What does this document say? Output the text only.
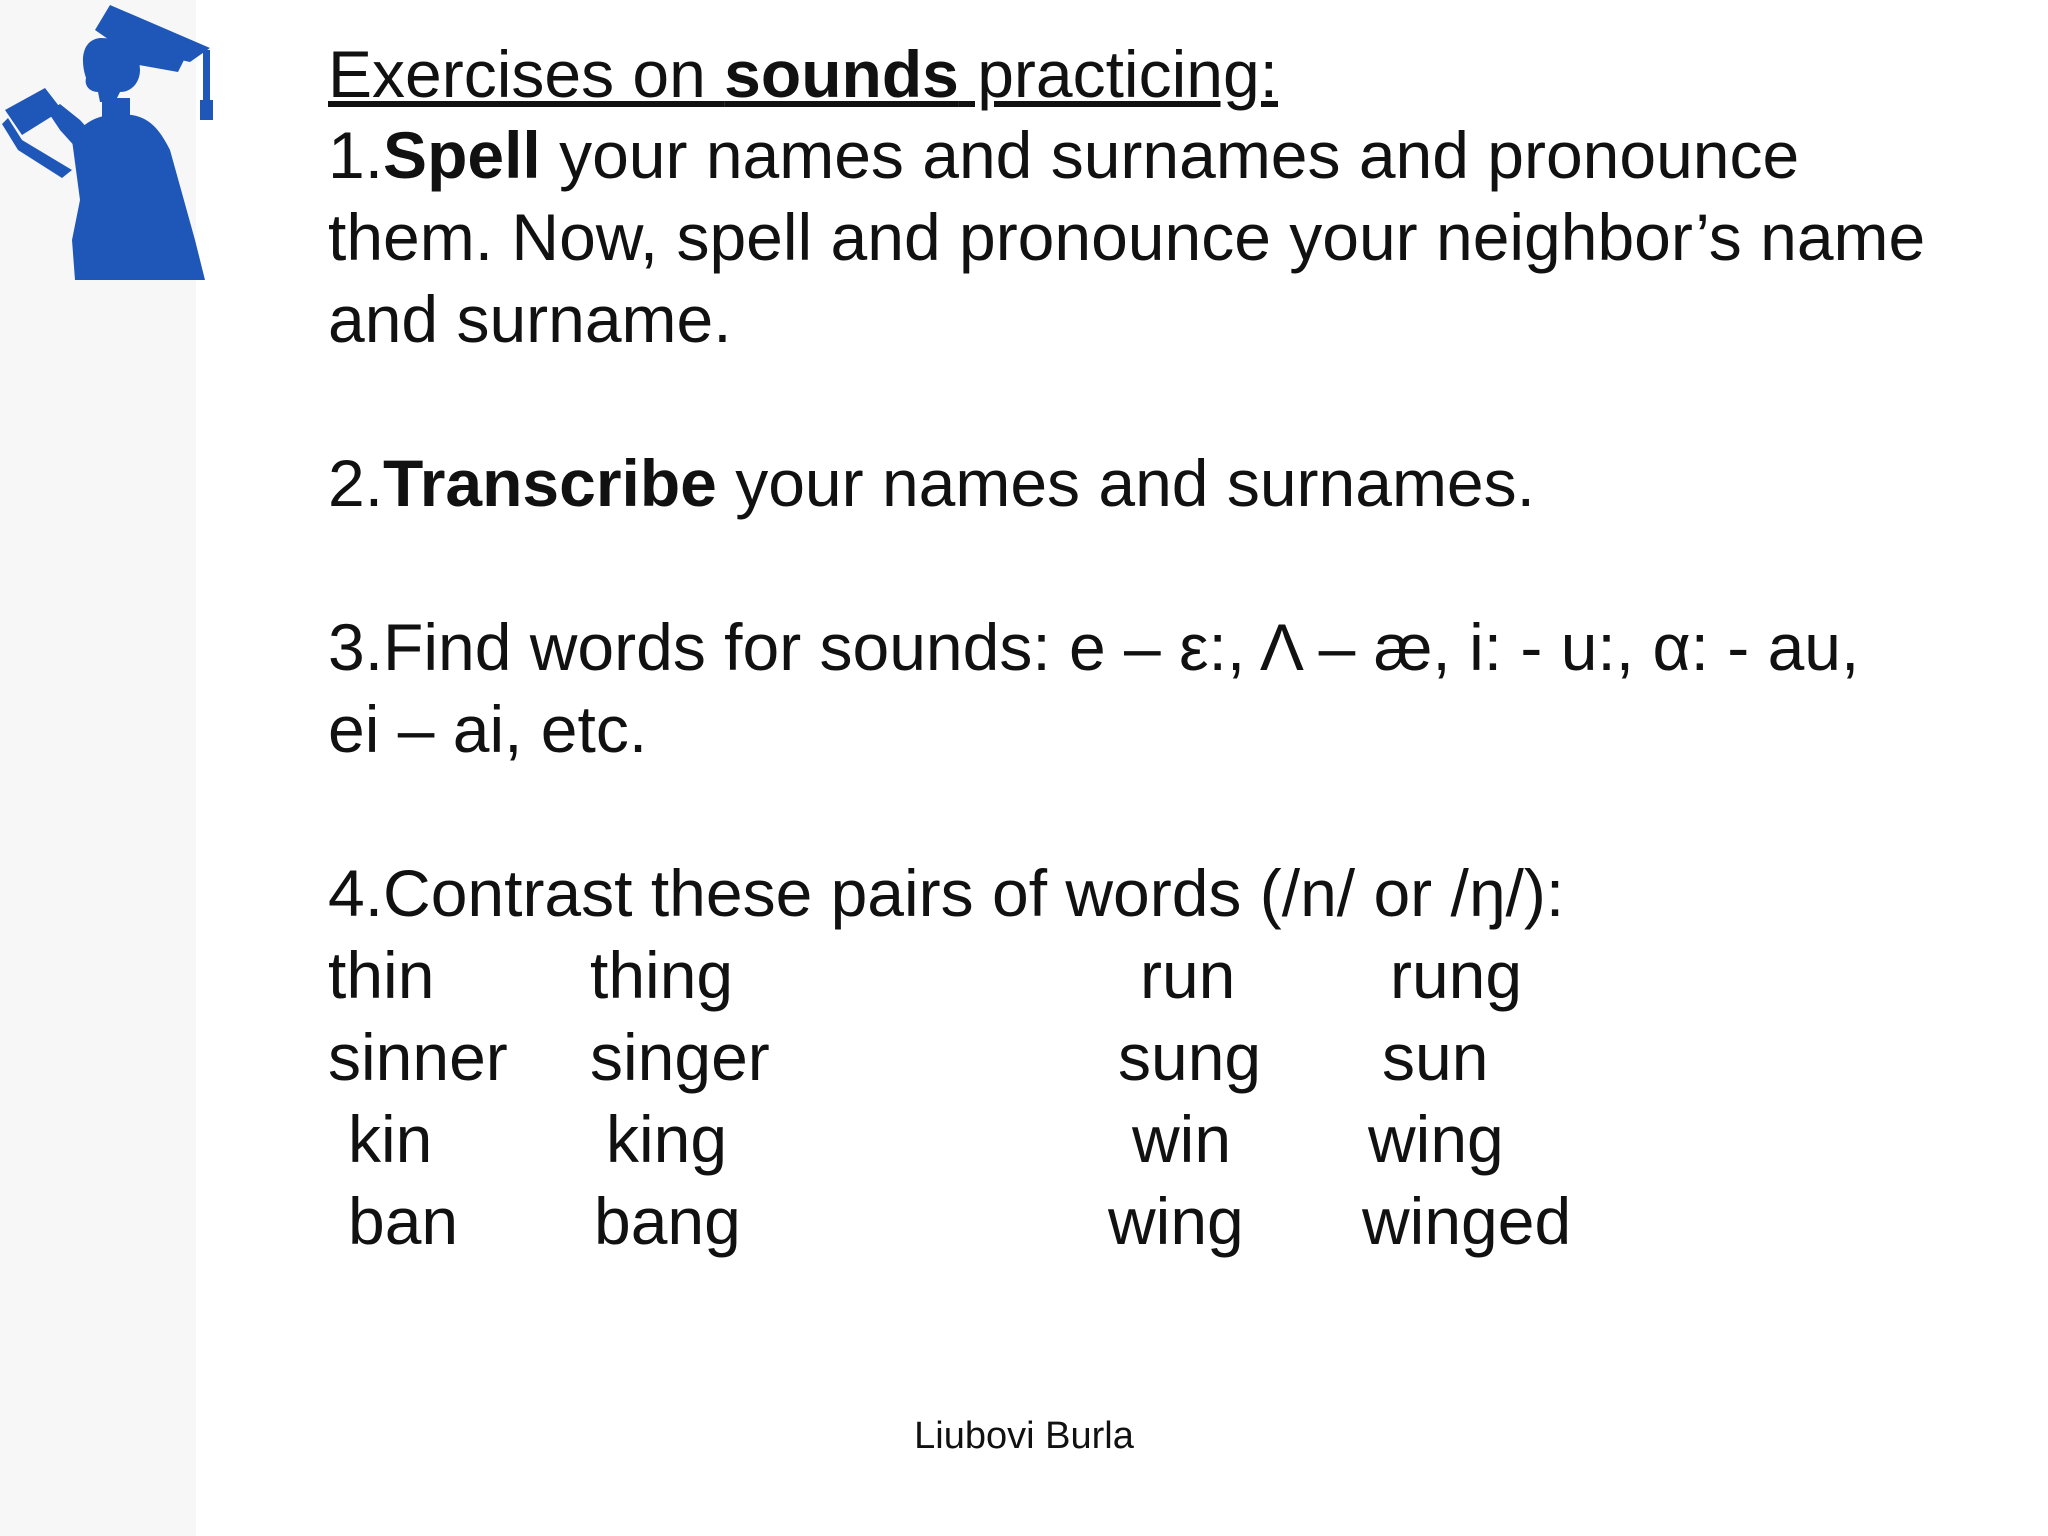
Exercises on sounds practicing:
1.Spell your names and surnames and pronounce
them. Now, spell and pronounce your neighbor’s name
and surname.
2.Transcribe your names and surnames.
3.Find words for sounds: e – ε:, Λ – æ, i: - u:, α: - au,
ei – ai, etc.
4.Contrast these pairs of words (/n/ or /ŋ/):
thin thing	run rung
sinner singer	sung sun
kin	king	win wing
ban bang	wing winged
Liubovi Burla
